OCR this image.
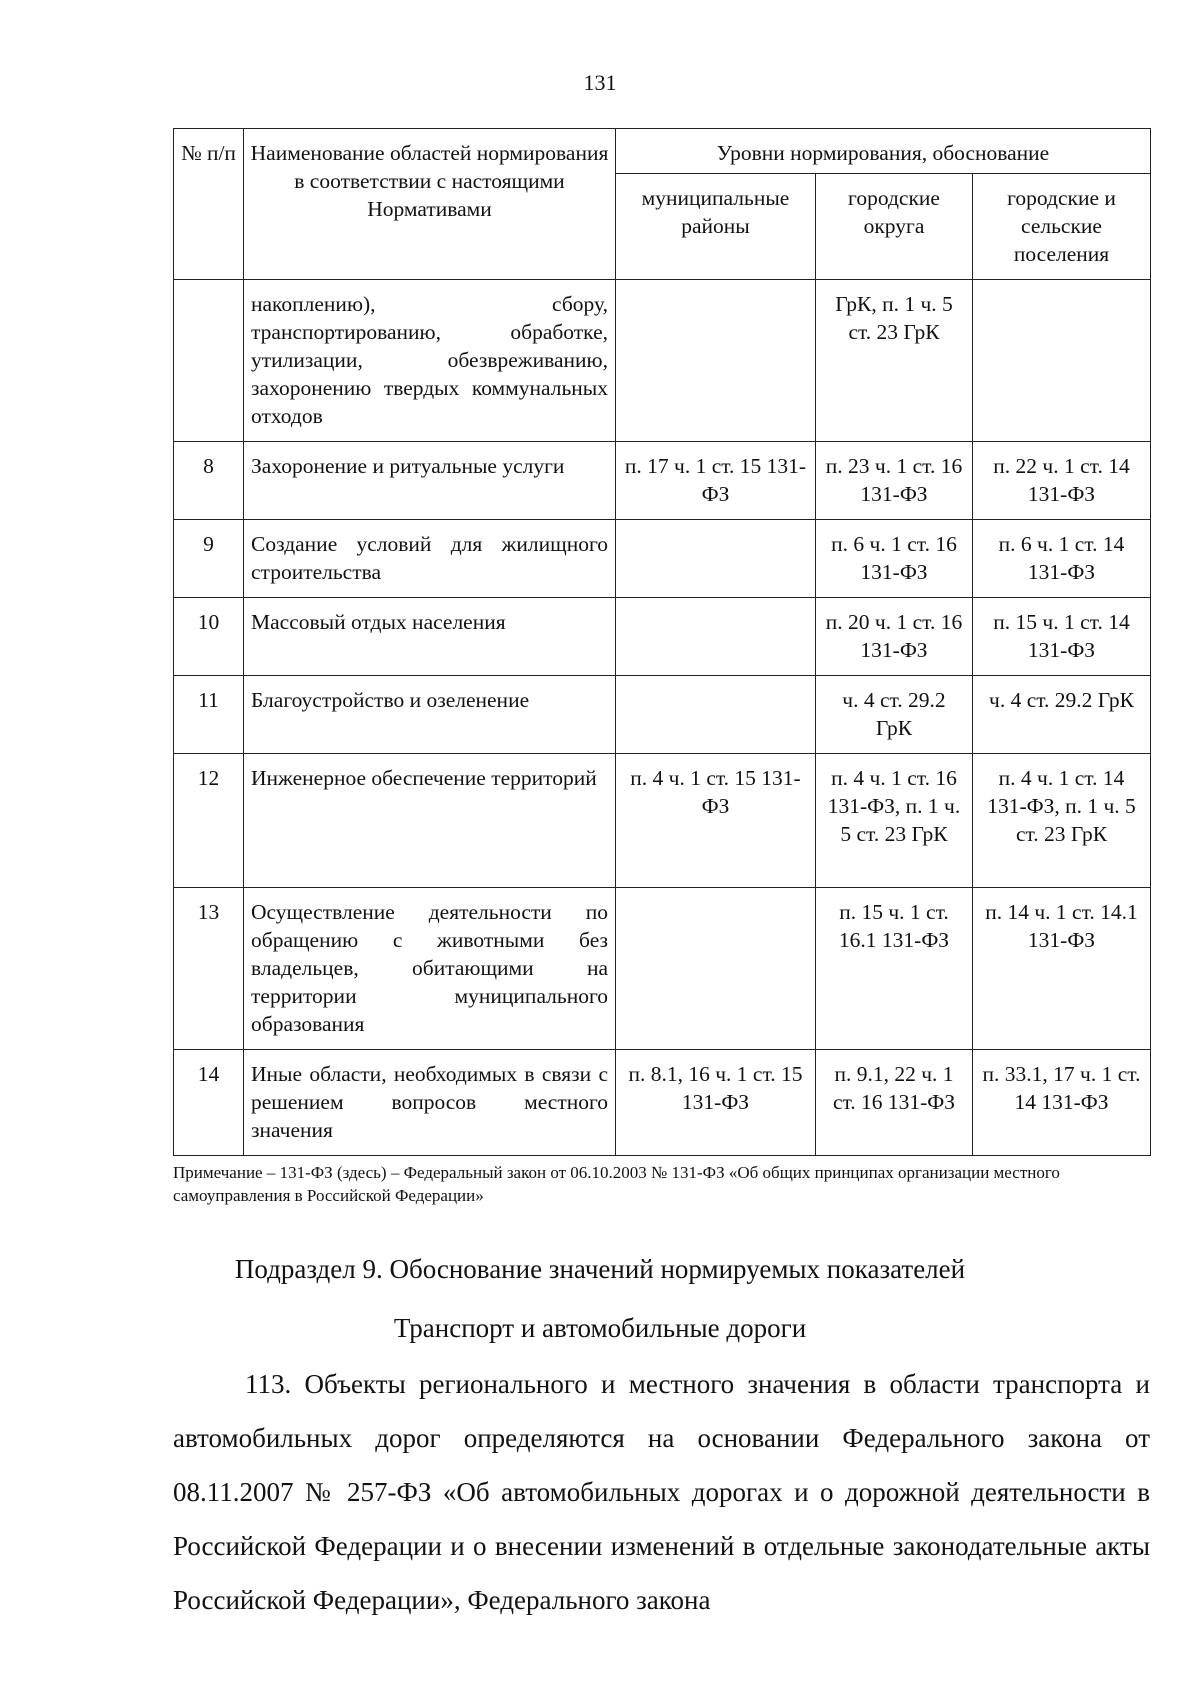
131
№ п/п	Наименование областей нормирования в соответствии с настоящими Нормативами	Уровни нормирования, обоснование		
		муниципальные районы	городские округа	городские и сельские поселения
	накоплению), сбору, транспортированию, обработке, утилизации, обезвреживанию, захоронению твердых коммунальных отходов		ГрК, п. 1 ч. 5 ст. 23 ГрК	
8	Захоронение и ритуальные услуги	п. 17 ч. 1 ст. 15 131-ФЗ	п. 23 ч. 1 ст. 16 131-ФЗ	п. 22 ч. 1 ст. 14 131-ФЗ
9	Создание условий для жилищного строительства		п. 6 ч. 1 ст. 16 131-ФЗ	п. 6 ч. 1 ст. 14 131-ФЗ
10	Массовый отдых населения		п. 20 ч. 1 ст. 16 131-ФЗ	п. 15 ч. 1 ст. 14 131-ФЗ
11	Благоустройство и озеленение		ч. 4 ст. 29.2 ГрК	ч. 4 ст. 29.2 ГрК
12	Инженерное обеспечение территорий	п. 4 ч. 1 ст. 15 131-ФЗ	п. 4 ч. 1 ст. 16 131-ФЗ, п. 1 ч. 5 ст. 23 ГрК	п. 4 ч. 1 ст. 14 131-ФЗ, п. 1 ч. 5 ст. 23 ГрК
13	Осуществление деятельности по обращению с животными без владельцев, обитающими на территории муниципального образования		п. 15 ч. 1 ст. 16.1 131-ФЗ	п. 14 ч. 1 ст. 14.1 131-ФЗ
14	Иные области, необходимых в связи с решением вопросов местного значения	п. 8.1, 16 ч. 1 ст. 15 131-ФЗ	п. 9.1, 22 ч. 1 ст. 16 131-ФЗ	п. 33.1, 17 ч. 1 ст. 14 131-ФЗ
Примечание – 131-ФЗ (здесь) – Федеральный закон от 06.10.2003 № 131-ФЗ «Об общих принципах организации местного самоуправления в Российской Федерации»
Подраздел 9. Обоснование значений нормируемых показателей
Транспорт и автомобильные дороги

113. Объекты регионального и местного значения в области транспорта и автомобильных дорог определяются на основании Федерального закона от 08.11.2007 № 257-ФЗ «Об автомобильных дорогах и о дорожной деятельности в Российской Федерации и о внесении изменений в отдельные законодательные акты Российской Федерации», Федерального закона
